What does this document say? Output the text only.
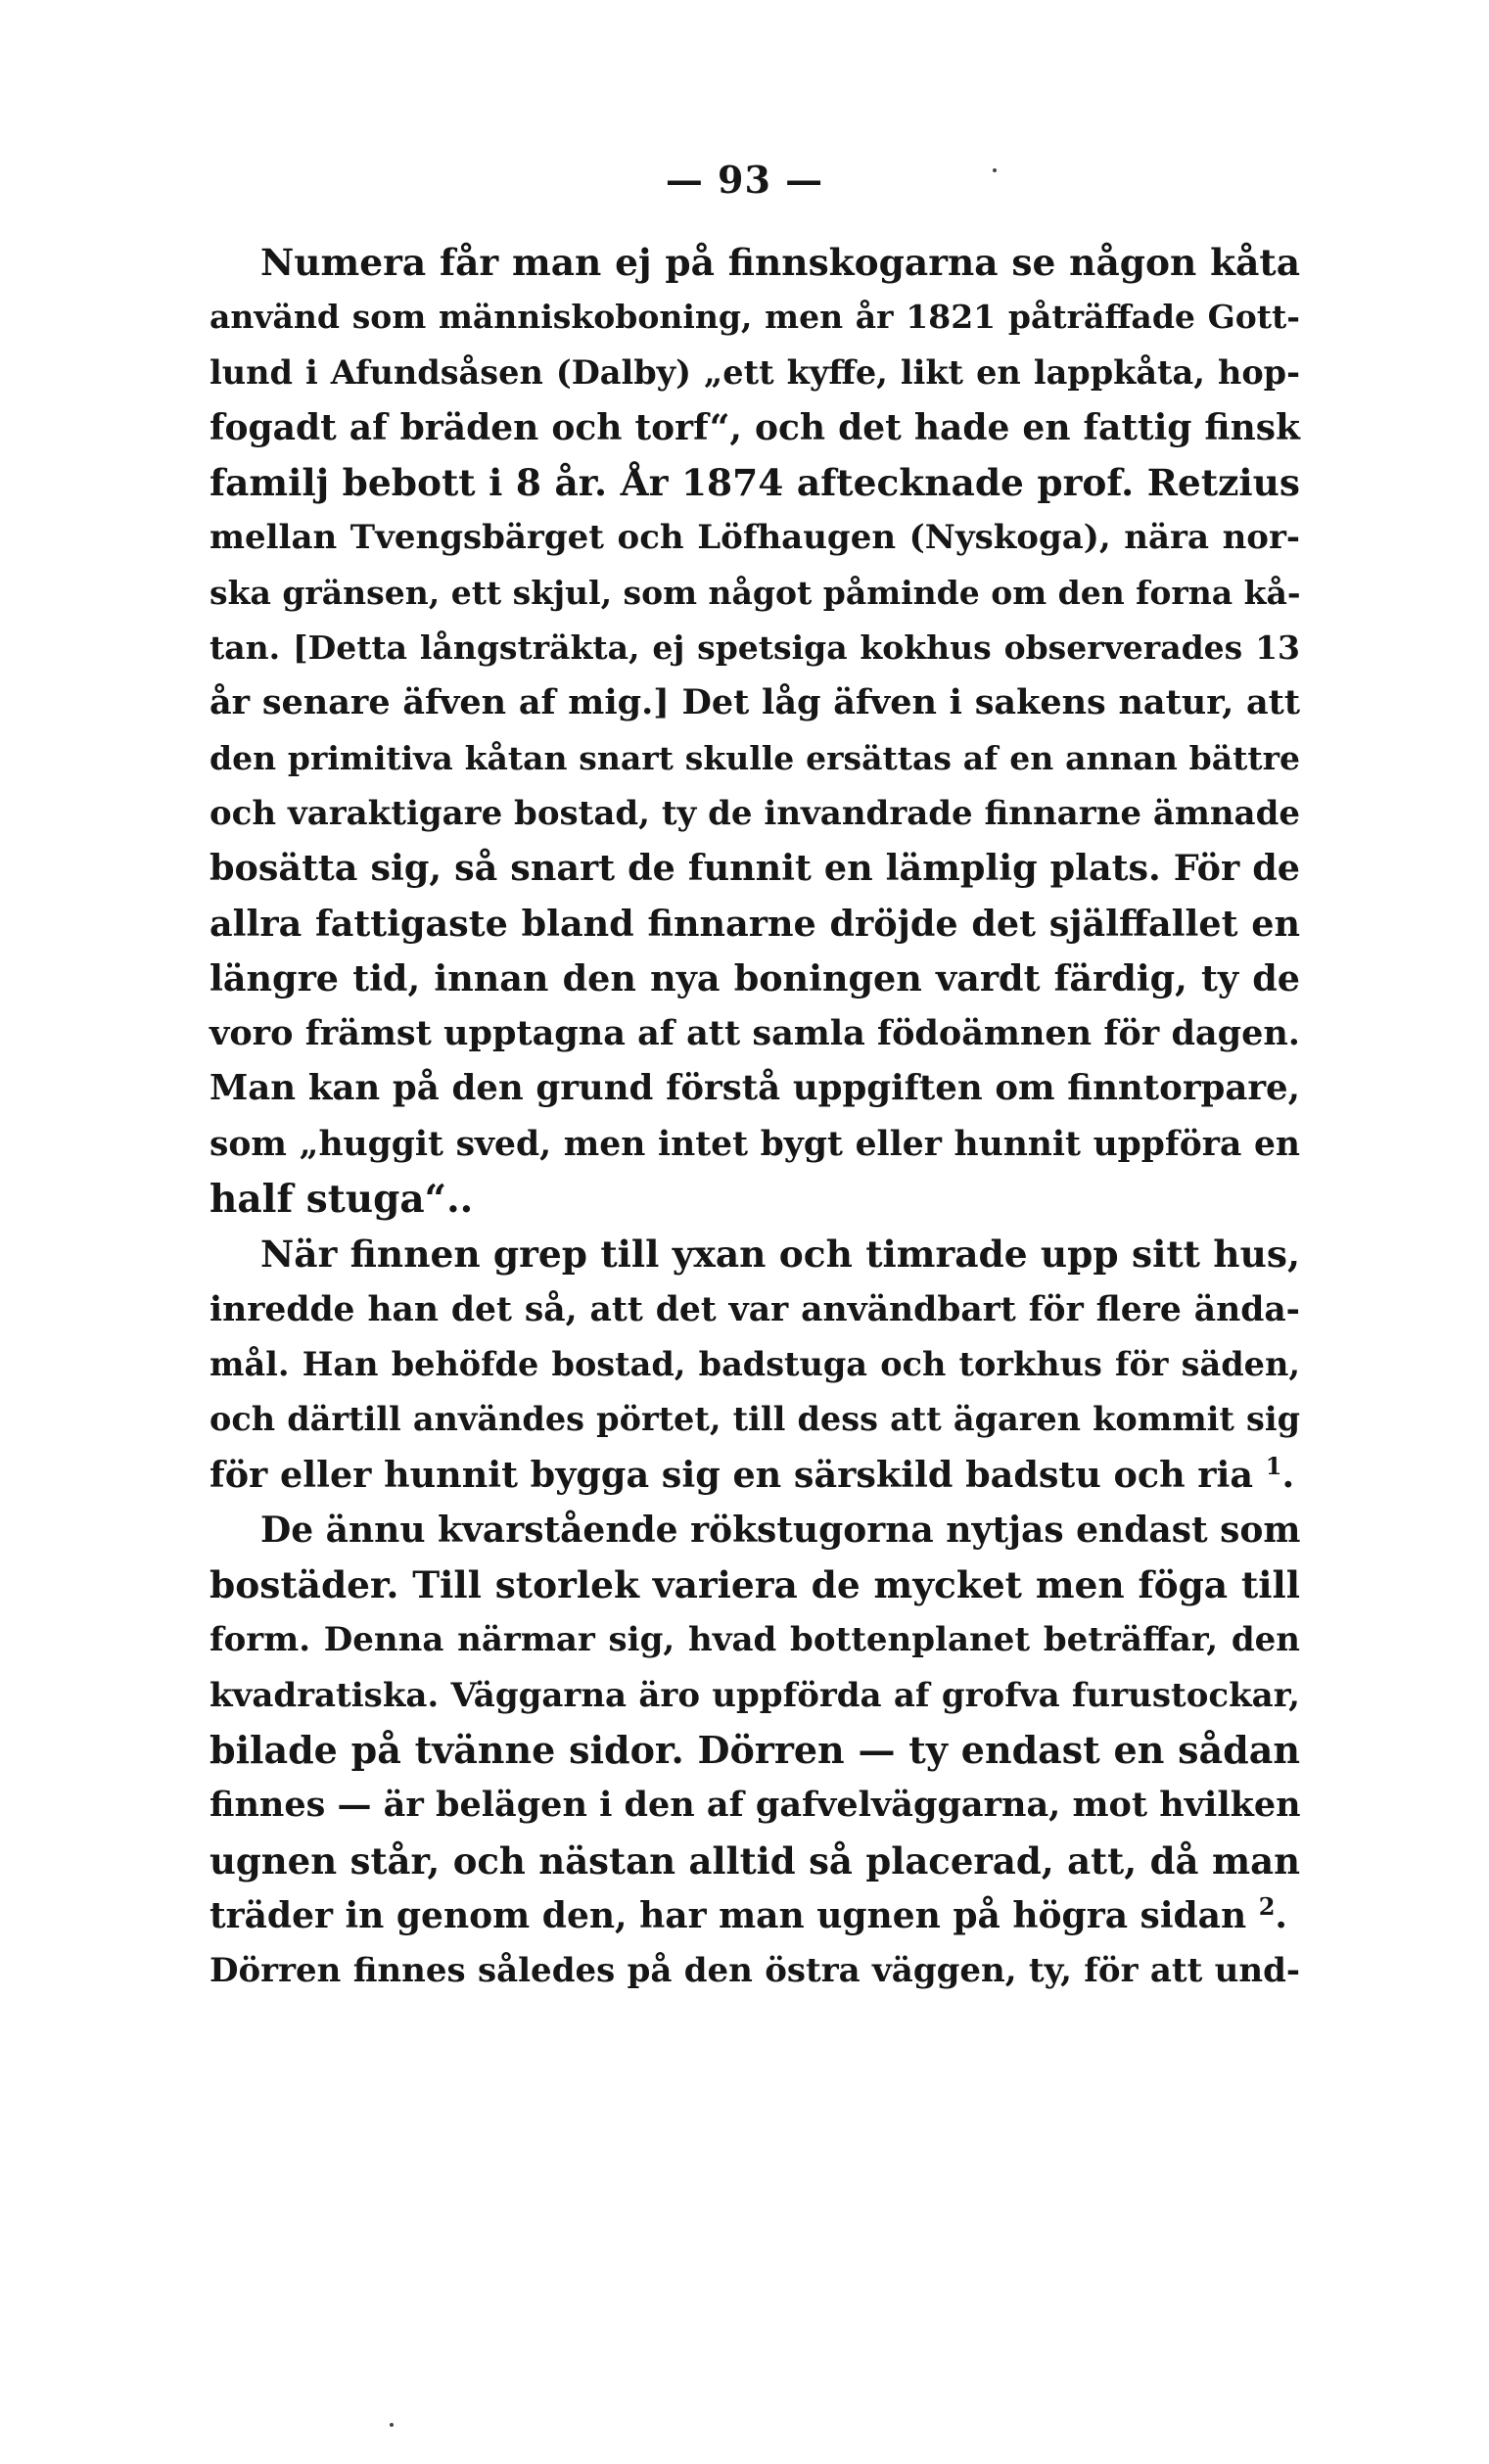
— 93 —
Numera får man ej på finnskogarna se någon kåta
använd som människoboning, men år 1821 påträffade Gott-
lund i Afundsåsen (Dalby) „ett kyffe, likt en lappkåta, hop-
fogadt af bräden och torf“, och det hade en fattig finsk
familj bebott i 8 år. År 1874 aftecknade prof. Retzius
mellan Tvengsbärget och Löfhaugen (Nyskoga), nära nor-
ska gränsen, ett skjul, som något påminde om den forna kå-
tan. [Detta långsträkta, ej spetsiga kokhus observerades 13
år senare äfven af mig.] Det låg äfven i sakens natur, att
den primitiva kåtan snart skulle ersättas af en annan bättre
och varaktigare bostad, ty de invandrade finnarne ämnade
bosätta sig, så snart de funnit en lämplig plats. För de
allra fattigaste bland finnarne dröjde det själffallet en
längre tid, innan den nya boningen vardt färdig, ty de
voro främst upptagna af att samla födoämnen för dagen.
Man kan på den grund förstå uppgiften om finntorpare,
som „huggit sved, men intet bygt eller hunnit uppföra en
half stuga“..
När finnen grep till yxan och timrade upp sitt hus,
inredde han det så, att det var användbart för flere ända-
mål. Han behöfde bostad, badstuga och torkhus för säden,
och därtill användes pörtet, till dess att ägaren kommit sig
för eller hunnit bygga sig en särskild badstu och ria $^1$.
De ännu kvarstående rökstugorna nytjas endast som
bostäder. Till storlek variera de mycket men föga till
form. Denna närmar sig, hvad bottenplanet beträffar, den
kvadratiska. Väggarna äro uppförda af grofva furustockar,
bilade på tvänne sidor. Dörren — ty endast en sådan
finnes — är belägen i den af gafvelväggarna, mot hvilken
ugnen står, och nästan alltid så placerad, att, då man
träder in genom den, har man ugnen på högra sidan $^2$.
Dörren finnes således på den östra väggen, ty, för att und-
